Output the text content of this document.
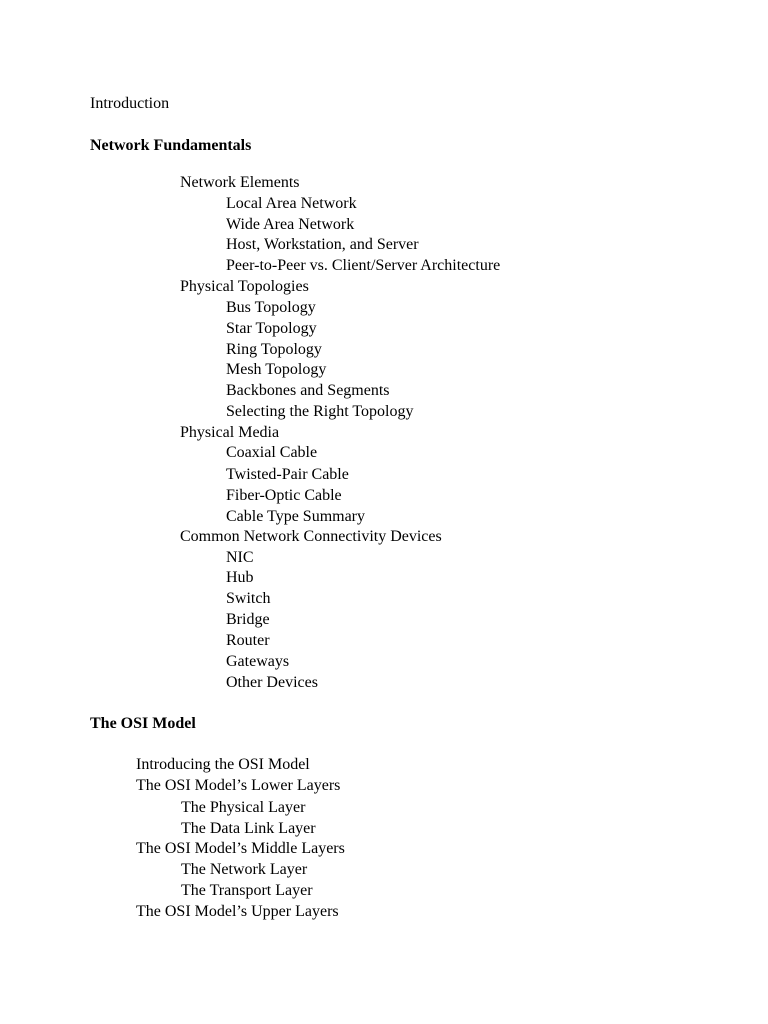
Introduction
Network Fundamentals
Network Elements
Local Area Network
Wide Area Network
Host, Workstation, and Server
Peer-to-Peer vs. Client/Server Architecture
Physical Topologies
Bus Topology
Star Topology
Ring Topology
Mesh Topology
Backbones and Segments
Selecting the Right Topology
Physical Media
Coaxial Cable
Twisted-Pair Cable
Fiber-Optic Cable
Cable Type Summary
Common Network Connectivity Devices
NIC
Hub
Switch
Bridge
Router
Gateways
Other Devices
The OSI Model
Introducing the OSI Model
The OSI Model’s Lower Layers
The Physical Layer
The Data Link Layer
The OSI Model’s Middle Layers
The Network Layer
The Transport Layer
The OSI Model’s Upper Layers
